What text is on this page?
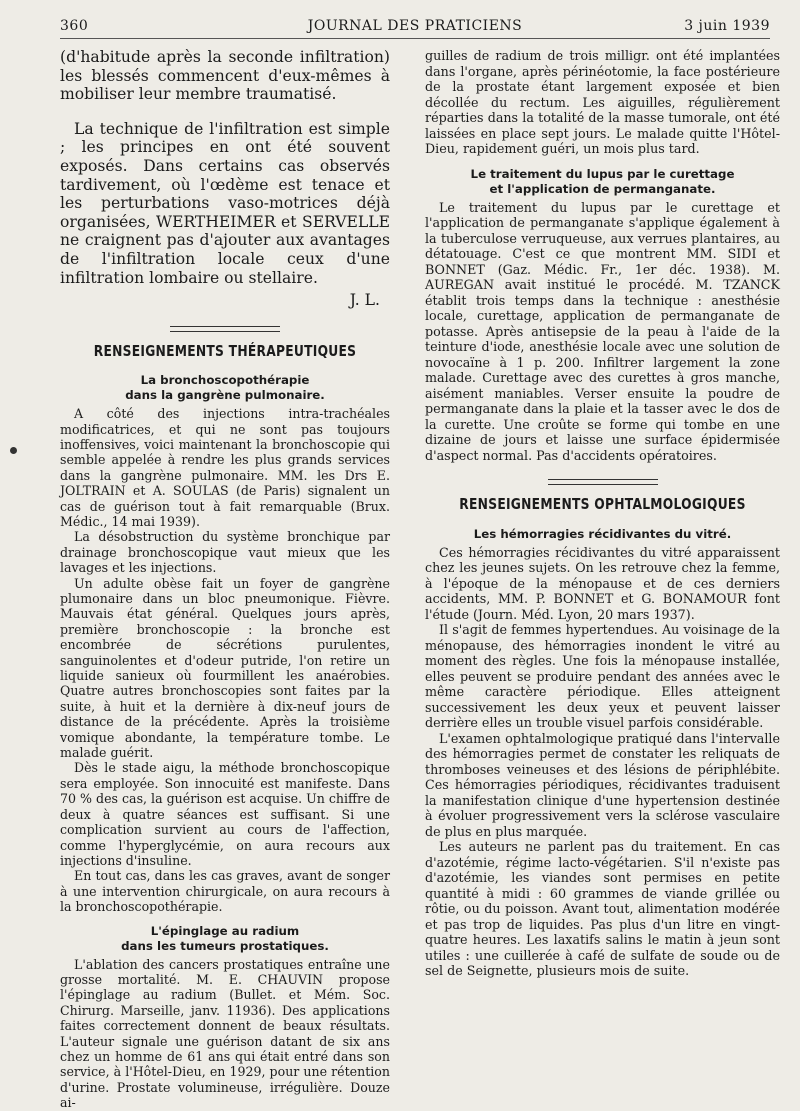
360	JOURNAL DES PRATICIENS	3 juin 1939

(d'habitude après la seconde infiltration) les blessés commencent d'eux-mêmes à mobiliser leur membre traumatisé.

La technique de l'infiltration est simple ; les principes en ont été souvent exposés. Dans certains cas observés tardivement, où l'œdème est tenace et les perturbations vaso-motrices déjà organisées, WERTHEIMER et SERVELLE ne craignent pas d'ajouter aux avantages de l'infiltration locale ceux d'une infiltration lombaire ou stellaire.

J. L.

RENSEIGNEMENTS THÉRAPEUTIQUES
La bronchoscopothérapie
dans la gangrène pulmonaire.

A côté des injections intra-trachéales modificatrices, et qui ne sont pas toujours inoffensives, voici maintenant la bronchoscopie qui semble appelée à rendre les plus grands services dans la gangrène pulmonaire. MM. les Drs E. JOLTRAIN et A. SOULAS (de Paris) signalent un cas de guérison tout à fait remarquable (Brux. Médic., 14 mai 1939).

La désobstruction du système bronchique par drainage bronchoscopique vaut mieux que les lavages et les injections.

Un adulte obèse fait un foyer de gangrène plumonaire dans un bloc pneumonique. Fièvre. Mauvais état général. Quelques jours après, première bronchoscopie : la bronche est encombrée de sécrétions purulentes, sanguinolentes et d'odeur putride, l'on retire un liquide sanieux où fourmillent les anaérobies. Quatre autres bronchoscopies sont faites par la suite, à huit et la dernière à dix-neuf jours de distance de la précédente. Après la troisième vomique abondante, la température tombe. Le malade guérit.

Dès le stade aigu, la méthode bronchoscopique sera employée. Son innocuité est manifeste. Dans 70 % des cas, la guérison est acquise. Un chiffre de deux à quatre séances est suffisant. Si une complication survient au cours de l'affection, comme l'hyperglycémie, on aura recours aux injections d'insuline.

En tout cas, dans les cas graves, avant de songer à une intervention chirurgicale, on aura recours à la bronchoscopothérapie.

L'épinglage au radium
dans les tumeurs prostatiques.

L'ablation des cancers prostatiques entraîne une grosse mortalité. M. E. CHAUVIN propose l'épinglage au radium (Bullet. et Mém. Soc. Chirurg. Marseille, janv. 11936). Des applications faites correctement donnent de beaux résultats. L'auteur signale une guérison datant de six ans chez un homme de 61 ans qui était entré dans son service, à l'Hôtel-Dieu, en 1929, pour une rétention d'urine. Prostate volumineuse, irrégulière. Douze ai-

guilles de radium de trois milligr. ont été implantées dans l'organe, après périnéotomie, la face postérieure de la prostate étant largement exposée et bien décollée du rectum. Les aiguilles, régulièrement réparties dans la totalité de la masse tumorale, ont été laissées en place sept jours. Le malade quitte l'Hôtel-Dieu, rapidement guéri, un mois plus tard.

Le traitement du lupus par le curettage
et l'application de permanganate.

Le traitement du lupus par le curettage et l'application de permanganate s'applique également à la tuberculose verruqueuse, aux verrues plantaires, au détatouage. C'est ce que montrent MM. SIDI et BONNET (Gaz. Médic. Fr., 1er déc. 1938). M. AUREGAN avait institué le procédé. M. TZANCK établit trois temps dans la technique : anesthésie locale, curettage, application de permanganate de potasse. Après antisepsie de la peau à l'aide de la teinture d'iode, anesthésie locale avec une solution de novocaïne à 1 p. 200. Infiltrer largement la zone malade. Curettage avec des curettes à gros manche, aisément maniables. Verser ensuite la poudre de permanganate dans la plaie et la tasser avec le dos de la curette. Une croûte se forme qui tombe en une dizaine de jours et laisse une surface épidermisée d'aspect normal. Pas d'accidents opératoires.

RENSEIGNEMENTS OPHTALMOLOGIQUES
Les hémorragies récidivantes du vitré.

Ces hémorragies récidivantes du vitré apparaissent chez les jeunes sujets. On les retrouve chez la femme, à l'époque de la ménopause et de ces derniers accidents, MM. P. BONNET et G. BONAMOUR font l'étude (Journ. Méd. Lyon, 20 mars 1937).

Il s'agit de femmes hypertendues. Au voisinage de la ménopause, des hémorragies inondent le vitré au moment des règles. Une fois la ménopause installée, elles peuvent se produire pendant des années avec le même caractère périodique. Elles atteignent successivement les deux yeux et peuvent laisser derrière elles un trouble visuel parfois considérable.

L'examen ophtalmologique pratiqué dans l'intervalle des hémorragies permet de constater les reliquats de thromboses veineuses et des lésions de périphlébite. Ces hémorragies périodiques, récidivantes traduisent la manifestation clinique d'une hypertension destinée à évoluer progressivement vers la sclérose vasculaire de plus en plus marquée.

Les auteurs ne parlent pas du traitement. En cas d'azotémie, régime lacto-végétarien. S'il n'existe pas d'azotémie, les viandes sont permises en petite quantité à midi : 60 grammes de viande grillée ou rôtie, ou du poisson. Avant tout, alimentation modérée et pas trop de liquides. Pas plus d'un litre en vingt-quatre heures. Les laxatifs salins le matin à jeun sont utiles : une cuillerée à café de sulfate de soude ou de sel de Seignette, plusieurs mois de suite.
